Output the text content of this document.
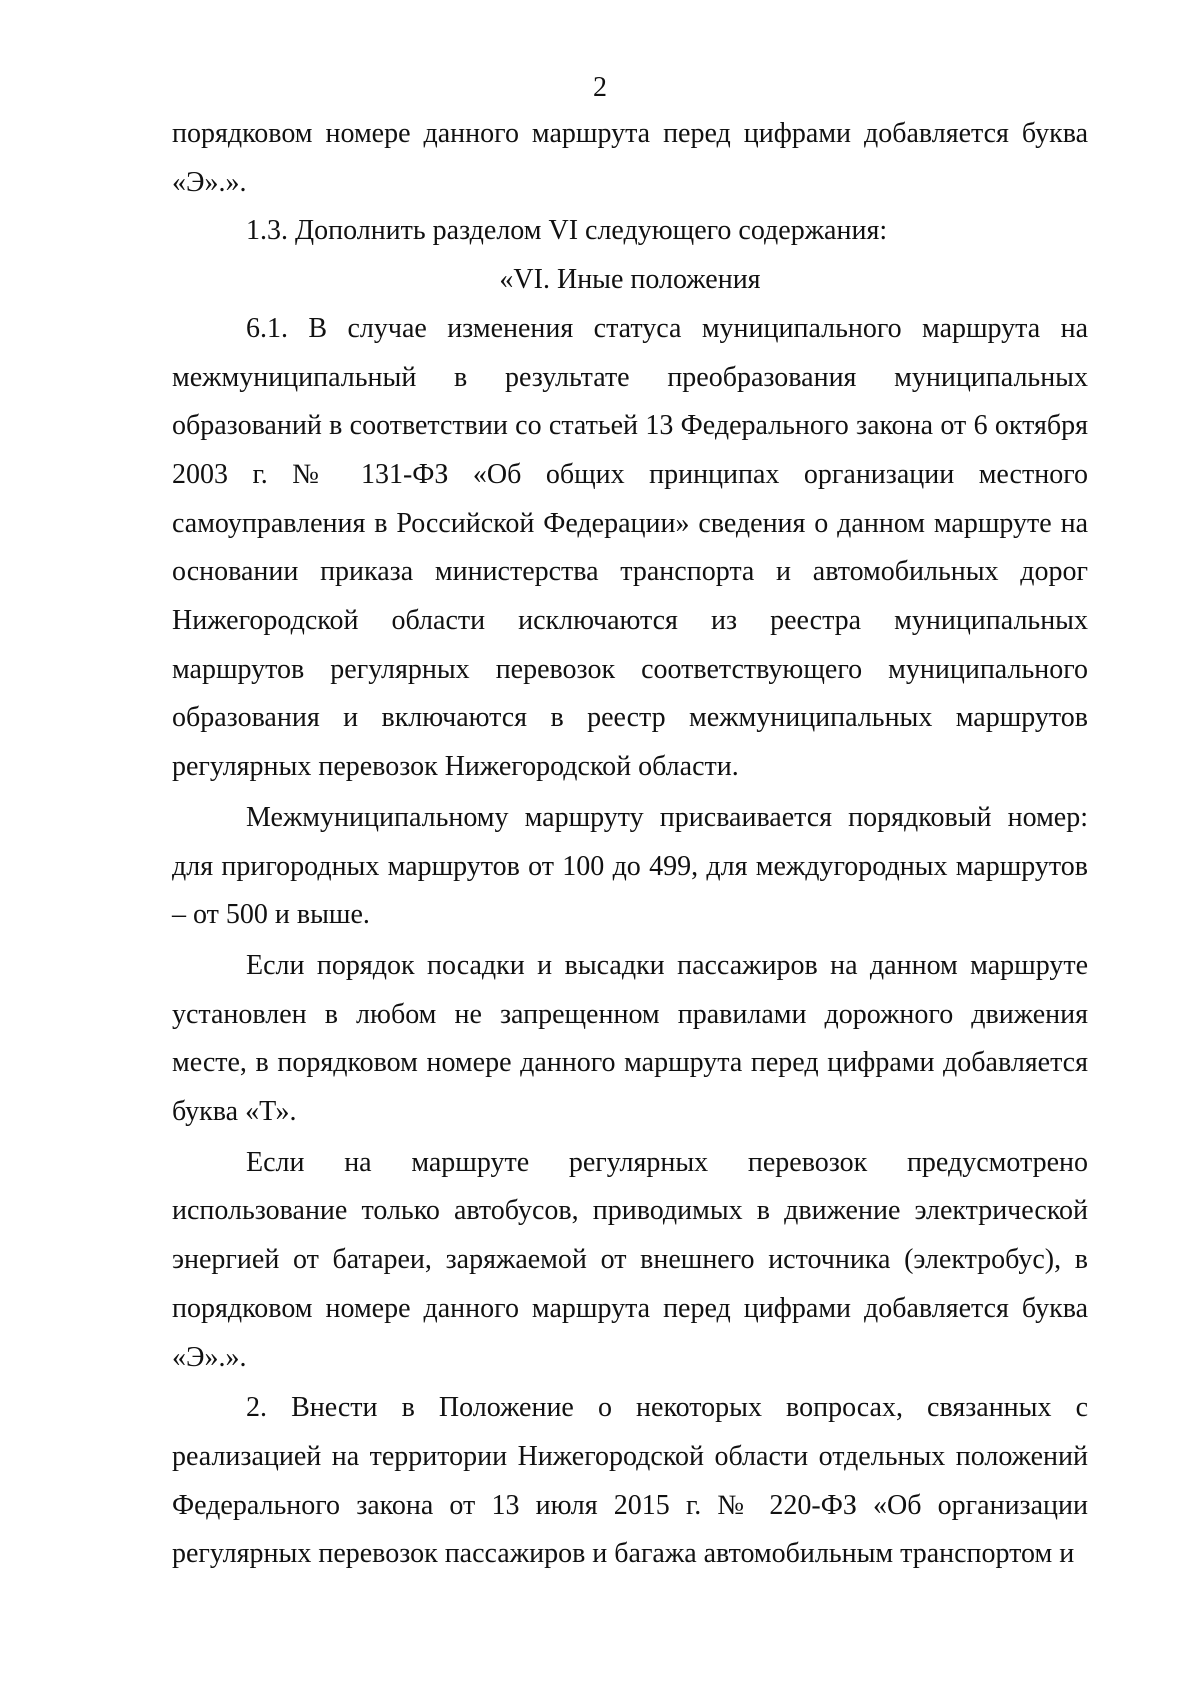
2

порядковом номере данного маршрута перед цифрами добавляется буква «Э».».

1.3. Дополнить разделом VI следующего содержания:

«VI. Иные положения

6.1. В случае изменения статуса муниципального маршрута на межмуниципальный в результате преобразования муниципальных образований в соответствии со статьей 13 Федерального закона от 6 октября 2003 г. № 131-ФЗ «Об общих принципах организации местного самоуправления в Российской Федерации» сведения о данном маршруте на основании приказа министерства транспорта и автомобильных дорог Нижегородской области исключаются из реестра муниципальных маршрутов регулярных перевозок соответствующего муниципального образования и включаются в реестр межмуниципальных маршрутов регулярных перевозок Нижегородской области.

Межмуниципальному маршруту присваивается порядковый номер: для пригородных маршрутов от 100 до 499, для междугородных маршрутов – от 500 и выше.

Если порядок посадки и высадки пассажиров на данном маршруте установлен в любом не запрещенном правилами дорожного движения месте, в порядковом номере данного маршрута перед цифрами добавляется буква «Т».

Если на маршруте регулярных перевозок предусмотрено использование только автобусов, приводимых в движение электрической энергией от батареи, заряжаемой от внешнего источника (электробус), в порядковом номере данного маршрута перед цифрами добавляется буква «Э».».

2. Внести в Положение о некоторых вопросах, связанных с реализацией на территории Нижегородской области отдельных положений Федерального закона от 13 июля 2015 г. № 220-ФЗ «Об организации регулярных перевозок пассажиров и багажа автомобильным транспортом и
